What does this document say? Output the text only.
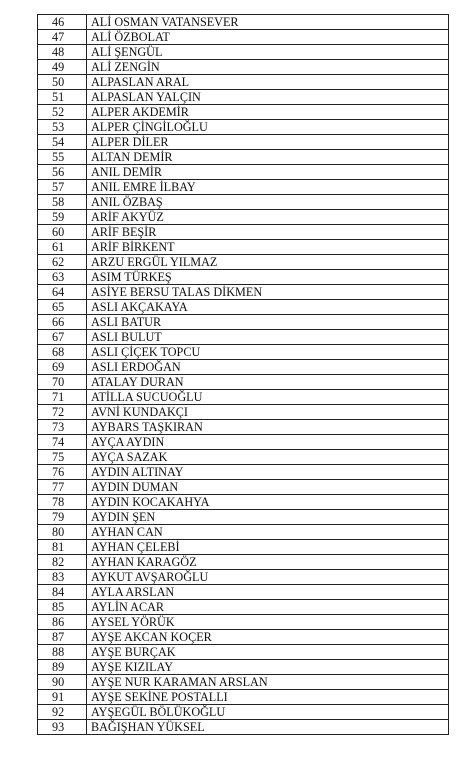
46	ALİ OSMAN VATANSEVER
47	ALİ ÖZBOLAT
48	ALİ ŞENGÜL
49	ALİ ZENGİN
50	ALPASLAN ARAL
51	ALPASLAN YALÇIN
52	ALPER AKDEMİR
53	ALPER ÇİNGİLOĞLU
54	ALPER DİLER
55	ALTAN DEMİR
56	ANIL DEMİR
57	ANIL EMRE İLBAY
58	ANIL ÖZBAŞ
59	ARİF AKYÜZ
60	ARİF BEŞİR
61	ARİF BİRKENT
62	ARZU ERGÜL YILMAZ
63	ASIM TÜRKEŞ
64	ASİYE BERSU TALAS DİKMEN
65	ASLI AKÇAKAYA
66	ASLI BATUR
67	ASLI BULUT
68	ASLI ÇİÇEK TOPCU
69	ASLI ERDOĞAN
70	ATALAY DURAN
71	ATİLLA SUCUOĞLU
72	AVNİ KUNDAKÇI
73	AYBARS TAŞKIRAN
74	AYÇA AYDIN
75	AYÇA SAZAK
76	AYDIN ALTINAY
77	AYDIN DUMAN
78	AYDIN KOCAKAHYA
79	AYDIN ŞEN
80	AYHAN CAN
81	AYHAN ÇELEBİ
82	AYHAN KARAGÖZ
83	AYKUT AVŞAROĞLU
84	AYLA ARSLAN
85	AYLİN ACAR
86	AYSEL YÖRÜK
87	AYŞE AKCAN KOÇER
88	AYŞE BURÇAK
89	AYŞE KIZILAY
90	AYŞE NUR KARAMAN ARSLAN
91	AYŞE SEKİNE POSTALLI
92	AYŞEGÜL BÖLÜKOĞLU
93	BAĞIŞHAN YÜKSEL
